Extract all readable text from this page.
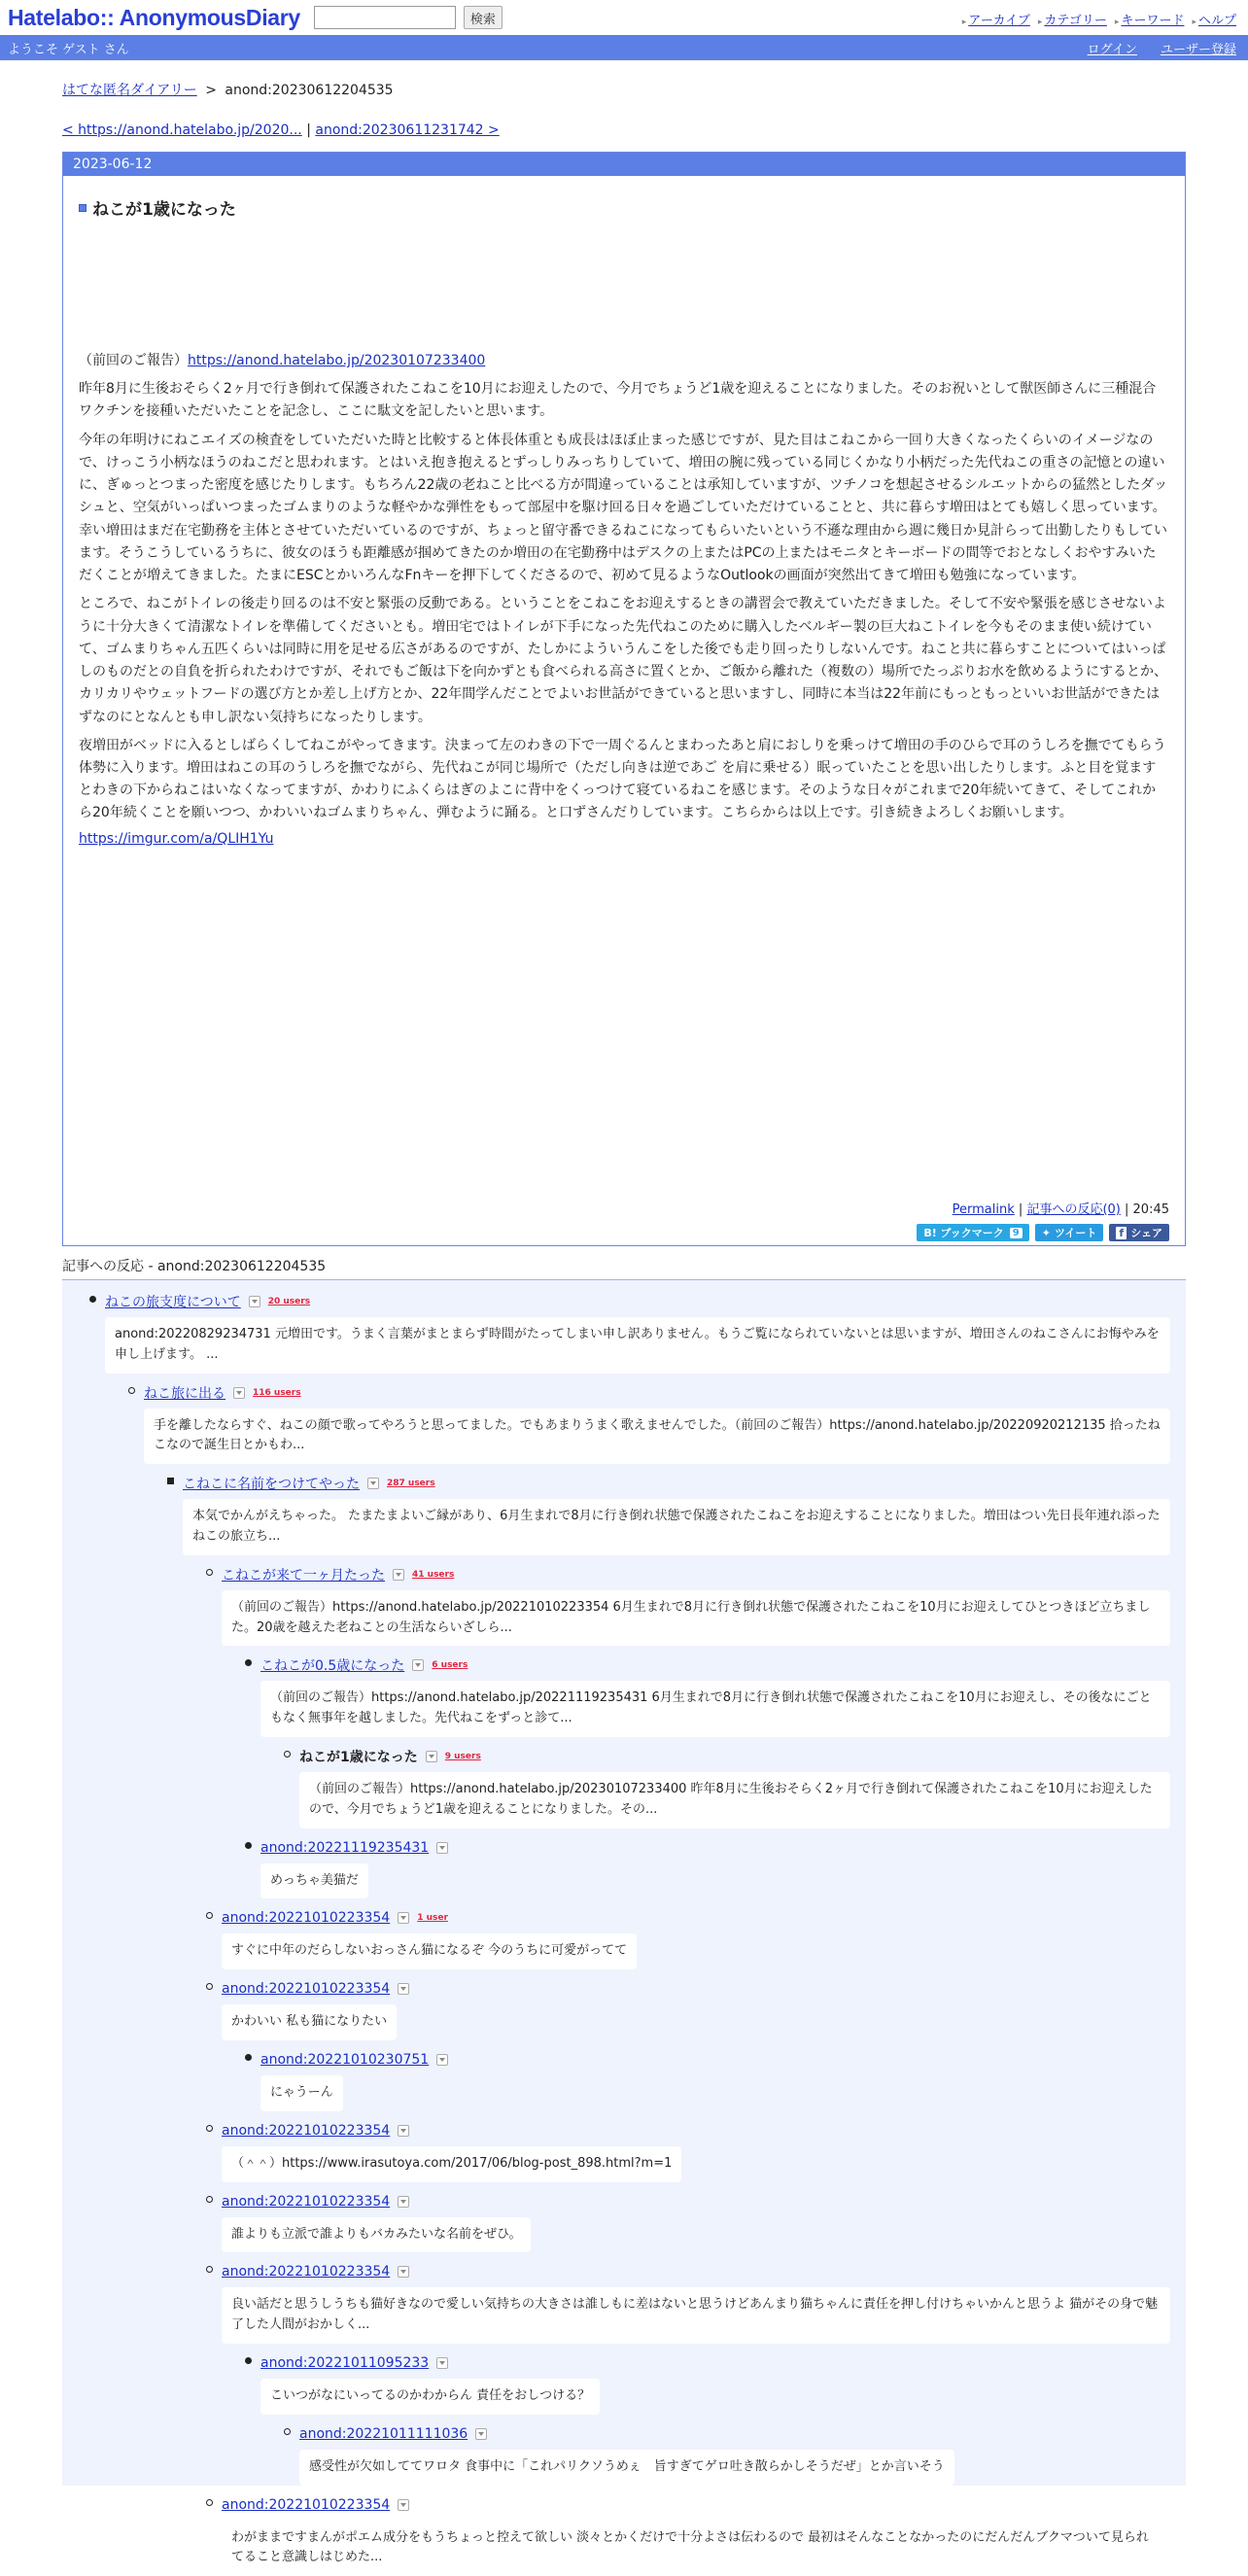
Hatelabo:: AnonymousDiary	検索	▸ アーカイブ	▸ カテゴリー	▸ キーワード	▸ ヘルプ
ようこそ ゲスト さん	ログイン ユーザー登録
はてな匿名ダイアリー > anond:20230612204535
< https://anond.hatelabo.jp/2020... | anond:20230611231742 >
2023-06-12
ねこが1歳になった

（前回のご報告）https://anond.hatelabo.jp/20230107233400

昨年8月に生後おそらく2ヶ月で行き倒れて保護されたこねこを10月にお迎えしたので、今月でちょうど1歳を迎えることになりました。そのお祝いとして獣医師さんに三種混合ワクチンを接種いただいたことを記念し、ここに駄文を記したいと思います。

今年の年明けにねこエイズの検査をしていただいた時と比較すると体長体重とも成長はほぼ止まった感じですが、見た目はこねこから一回り大きくなったくらいのイメージなので、けっこう小柄なほうのねこだと思われます。とはいえ抱き抱えるとずっしりみっちりしていて、増田の腕に残っている同じくかなり小柄だった先代ねこの重さの記憶との違いに、ぎゅっとつまった密度を感じたりします。もちろん22歳の老ねこと比べる方が間違っていることは承知していますが、ツチノコを想起させるシルエットからの猛然としたダッシュと、空気がいっぱいつまったゴムまりのような軽やかな弾性をもって部屋中を駆け回る日々を過ごしていただけていることと、共に暮らす増田はとても嬉しく思っています。幸い増田はまだ在宅勤務を主体とさせていただいているのですが、ちょっと留守番できるねこになってもらいたいという不遜な理由から週に幾日か見計らって出勤したりもしています。そうこうしているうちに、彼女のほうも距離感が掴めてきたのか増田の在宅勤務中はデスクの上またはPCの上またはモニタとキーボードの間等でおとなしくおやすみいただくことが増えてきました。たまにESCとかいろんなFnキーを押下してくださるので、初めて見るようなOutlookの画面が突然出てきて増田も勉強になっています。

ところで、ねこがトイレの後走り回るのは不安と緊張の反動である。ということをこねこをお迎えするときの講習会で教えていただきました。そして不安や緊張を感じさせないように十分大きくて清潔なトイレを準備してくださいとも。増田宅ではトイレが下手になった先代ねこのために購入したベルギー製の巨大ねこトイレを今もそのまま使い続けていて、ゴムまりちゃん五匹くらいは同時に用を足せる広さがあるのですが、たしかによういうんこをした後でも走り回ったりしないんです。ねこと共に暮らすことについてはいっぱしのものだとの自負を折られたわけですが、それでもご飯は下を向かずとも食べられる高さに置くとか、ご飯から離れた（複数の）場所でたっぷりお水を飲めるようにするとか、カリカリやウェットフードの選び方とか差し上げ方とか、22年間学んだことでよいお世話ができていると思いますし、同時に本当は22年前にもっともっといいお世話ができたはずなのにとなんとも申し訳ない気持ちになったりします。

夜増田がベッドに入るとしばらくしてねこがやってきます。決まって左のわきの下で一周ぐるんとまわったあと肩におしりを乗っけて増田の手のひらで耳のうしろを撫でてもらう体勢に入ります。増田はねこの耳のうしろを撫でながら、先代ねこが同じ場所で（ただし向きは逆であご を肩に乗せる）眠っていたことを思い出したりします。ふと目を覚ますとわきの下からねこはいなくなってますが、かわりにふくらはぎのよこに背中をくっつけて寝ているねこを感じます。そのような日々がこれまで20年続いてきて、そしてこれから20年続くことを願いつつ、かわいいねゴムまりちゃん、弾むように踊る。と口ずさんだりしています。こちらからは以上です。引き続きよろしくお願いします。

https://imgur.com/a/QLIH1Yu
Permalink | 記事への反応(0) | 20:45
B! ブックマーク 9 ✦ ツイート f シェア
記事への反応 - anond:20230612204535
ねこの旅支度について	20 users
anond:20220829234731 元増田です。うまく言葉がまとまらず時間がたってしまい申し訳ありません。もうご覧になられていないとは思いますが、増田さんのねこさんにお悔やみを申し上げます。 ...
ねこ旅に出る	116 users
手を離したならすぐ、ねこの顔で歌ってやろうと思ってました。でもあまりうまく歌えませんでした。（前回のご報告）https://anond.hatelabo.jp/20220920212135 拾ったねこなので誕生日とかもわ...
こねこに名前をつけてやった	287 users
本気でかんがえちゃった。 たまたまよいご縁があり、6月生まれで8月に行き倒れ状態で保護されたこねこをお迎えすることになりました。増田はつい先日長年連れ添ったねこの旅立ち...
こねこが来て一ヶ月たった	41 users
（前回のご報告）https://anond.hatelabo.jp/20221010223354 6月生まれで8月に行き倒れ状態で保護されたこねこを10月にお迎えしてひとつきほど立ちました。20歳を越えた老ねことの生活ならいざしら...
こねこが0.5歳になった	6 users
（前回のご報告）https://anond.hatelabo.jp/20221119235431 6月生まれで8月に行き倒れ状態で保護されたこねこを10月にお迎えし、その後なにごともなく無事年を越しました。先代ねこをずっと診て...
ねこが1歳になった	9 users
（前回のご報告）https://anond.hatelabo.jp/20230107233400 昨年8月に生後おそらく2ヶ月で行き倒れて保護されたこねこを10月にお迎えしたので、今月でちょうど1歳を迎えることになりました。その...
anond:20221119235431
めっちゃ美猫だ
anond:20221010223354	1 user
すぐに中年のだらしないおっさん猫になるぞ 今のうちに可愛がってて
anond:20221010223354
かわいい 私も猫になりたい
anond:20221010230751
にゃうーん
anond:20221010223354
（＾＾）https://www.irasutoya.com/2017/06/blog-post_898.html?m=1
anond:20221010223354
誰よりも立派で誰よりもバカみたいな名前をぜひ。
anond:20221010223354
良い話だと思うしうちも猫好きなので愛しい気持ちの大きさは誰しもに差はないと思うけどあんまり猫ちゃんに責任を押し付けちゃいかんと思うよ 猫がその身で魅了した人間がおかしく...
anond:20221011095233
こいつがなにいってるのかわからん 責任をおしつける？
anond:20221011111036
感受性が欠如しててワロタ 食事中に「これパリクソうめぇ　旨すぎてゲロ吐き散らかしそうだぜ」とか言いそう
anond:20221010223354
わがままですまんがポエム成分をもうちょっと控えて欲しい 淡々とかくだけで十分よさは伝わるので 最初はそんなことなかったのにだんだんブクマついて見られてること意識しはじめた...
